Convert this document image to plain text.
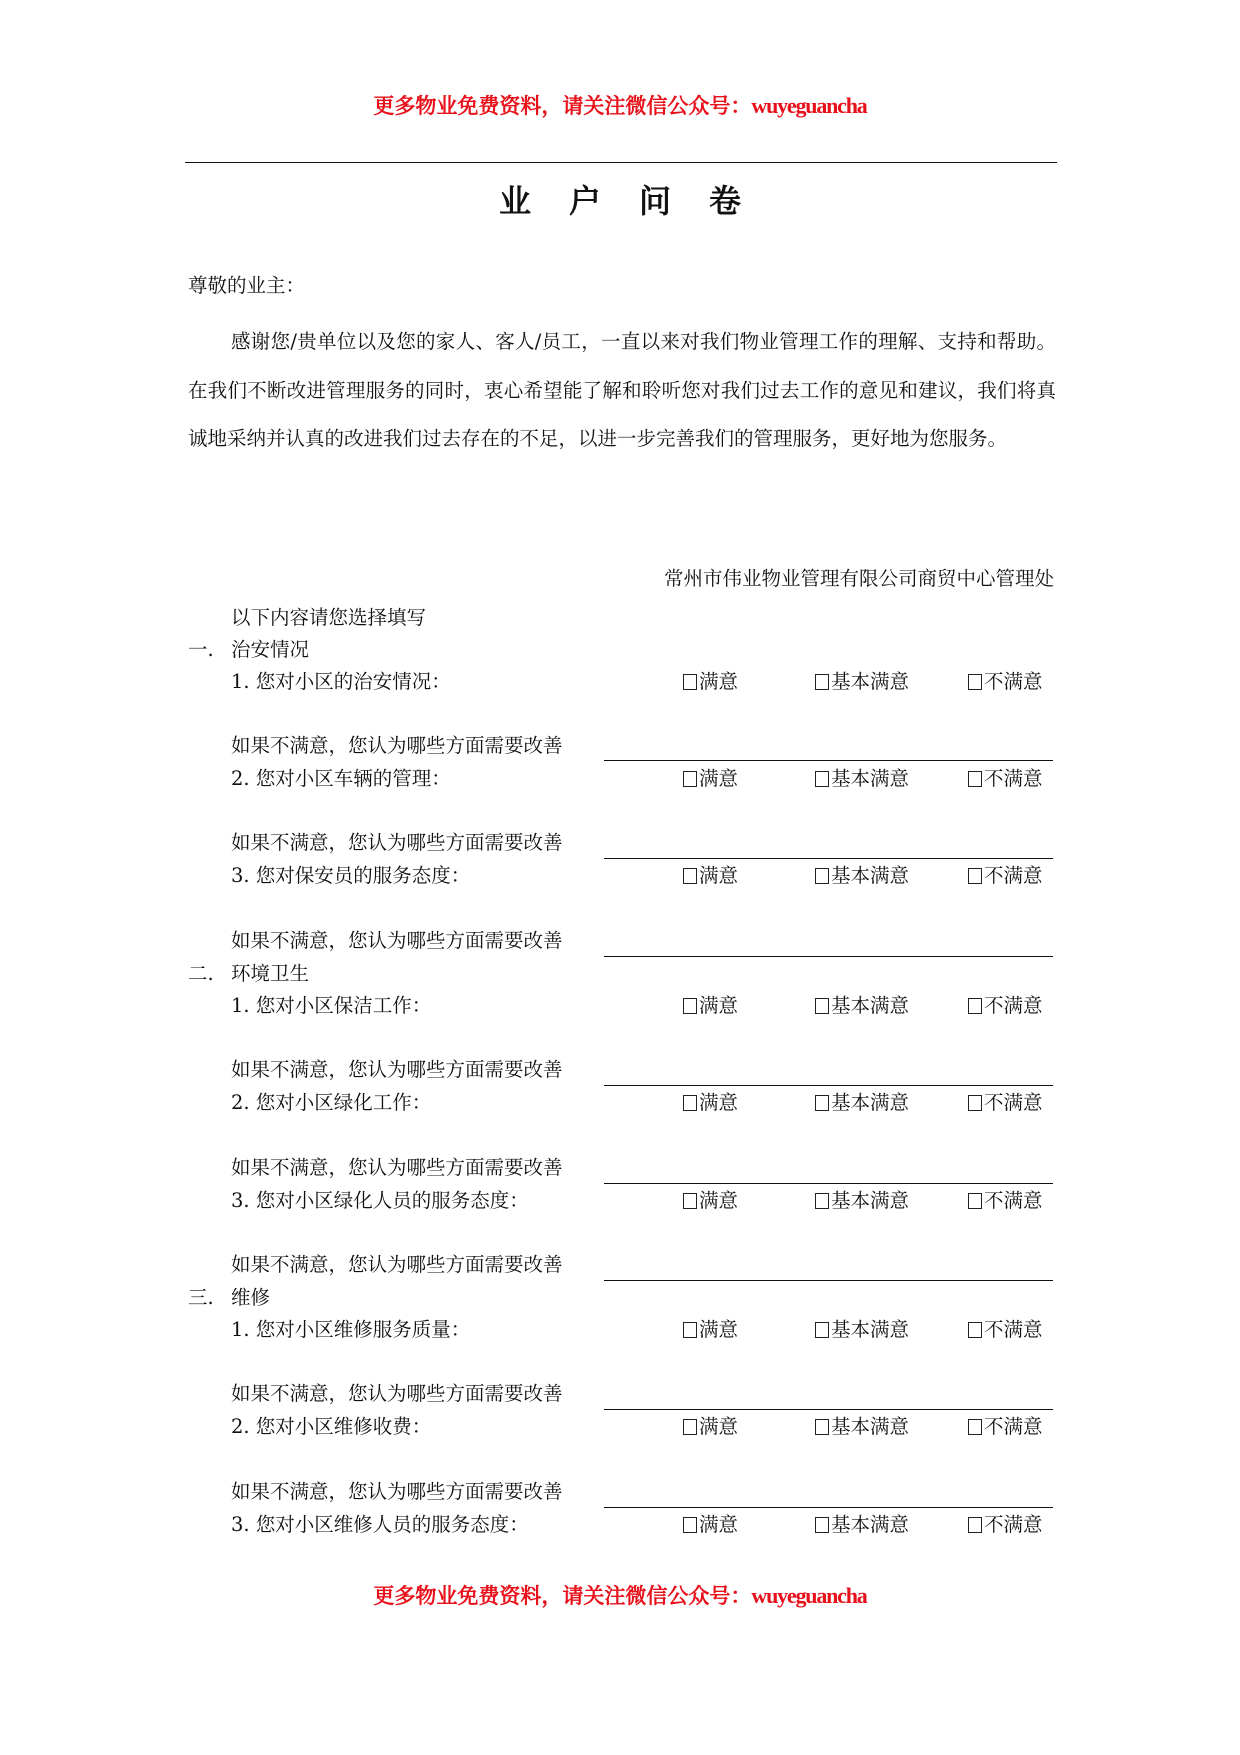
更多物业免费资料，请关注微信公众号：wuyeguancha
业户问卷
尊敬的业主：
感谢您/贵单位以及您的家人、客人/员工，一直以来对我们物业管理工作的理解、支持和帮助。在我们不断改进管理服务的同时，衷心希望能了解和聆听您对我们过去工作的意见和建议，我们将真诚地采纳并认真的改进我们过去存在的不足，以进一步完善我们的管理服务，更好地为您服务。
常州市伟业物业管理有限公司商贸中心管理处
以下内容请您选择填写
一. 治安情况
1. 您对小区的治安情况：	满意	基本满意	不满意
如果不满意，您认为哪些方面需要改善
2. 您对小区车辆的管理：	满意	基本满意	不满意
如果不满意，您认为哪些方面需要改善
3. 您对保安员的服务态度：	满意	基本满意	不满意
如果不满意，您认为哪些方面需要改善
二. 环境卫生
1. 您对小区保洁工作：	满意	基本满意	不满意
如果不满意，您认为哪些方面需要改善
2. 您对小区绿化工作：	满意	基本满意	不满意
如果不满意，您认为哪些方面需要改善
3. 您对小区绿化人员的服务态度：	满意	基本满意	不满意
如果不满意，您认为哪些方面需要改善
三. 维修
1. 您对小区维修服务质量：	满意	基本满意	不满意
如果不满意，您认为哪些方面需要改善
2. 您对小区维修收费：	满意	基本满意	不满意
如果不满意，您认为哪些方面需要改善
3. 您对小区维修人员的服务态度：	满意	基本满意	不满意
更多物业免费资料，请关注微信公众号：wuyeguancha
